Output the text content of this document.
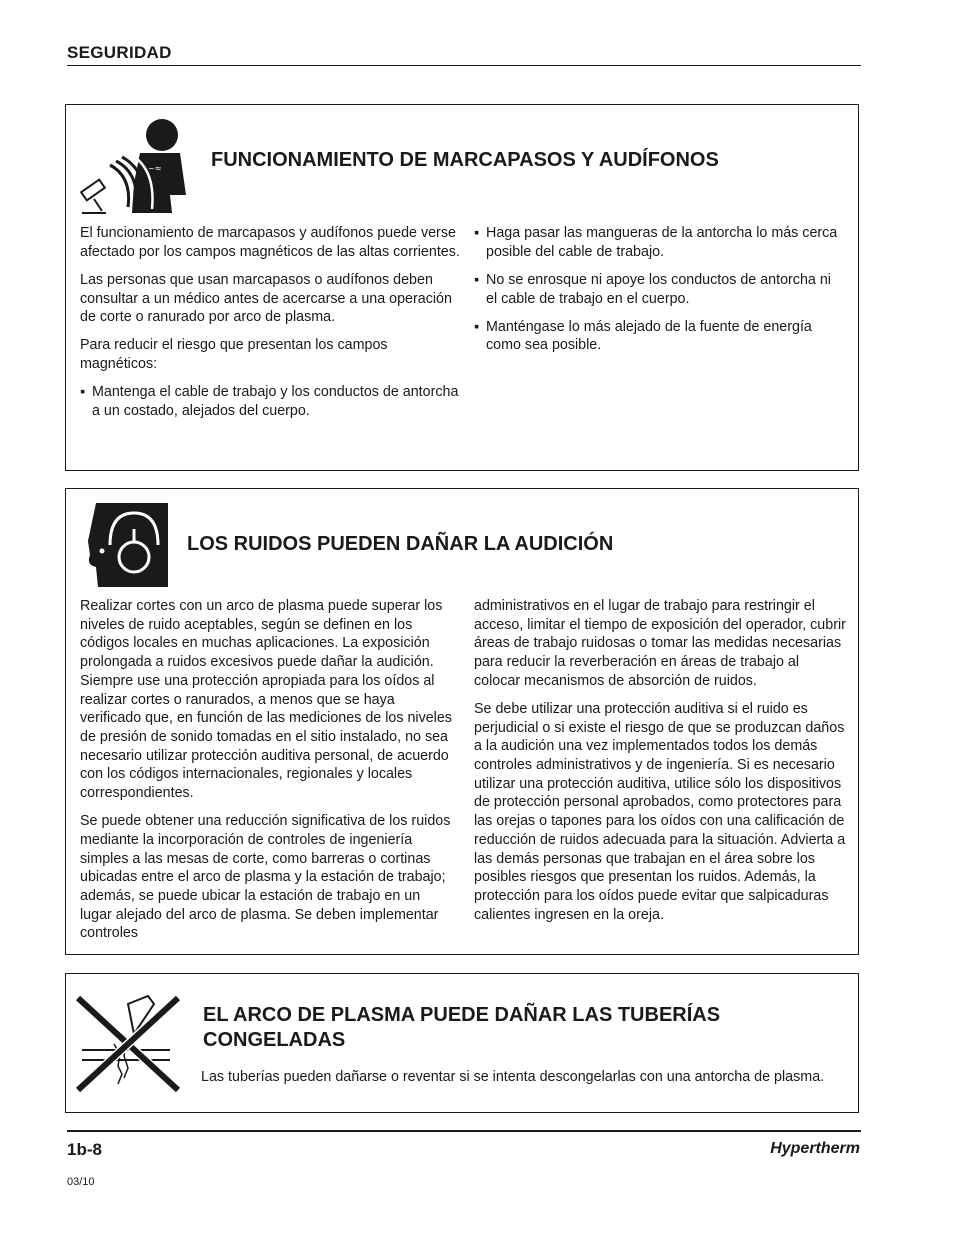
SEGURIDAD
~≈ FUNCIONAMIENTO DE MARCAPASOS Y AUDÍFONOS

El funcionamiento de marcapasos y audífonos puede verse afectado por los campos magnéticos de las altas corrientes.

Las personas que usan marcapasos o audífonos deben consultar a un médico antes de acercarse a una operación de corte o ranurado por arco de plasma.

Para reducir el riesgo que presentan los campos magnéticos:

▪ Mantenga el cable de trabajo y los conductos de antorcha a un costado, alejados del cuerpo.
▪ Haga pasar las mangueras de la antorcha lo más cerca posible del cable de trabajo.
▪ No se enrosque ni apoye los conductos de antorcha ni el cable de trabajo en el cuerpo.
▪ Manténgase lo más alejado de la fuente de energía como sea posible.
LOS RUIDOS PUEDEN DAÑAR LA AUDICIÓN

Realizar cortes con un arco de plasma puede superar los niveles de ruido aceptables, según se definen en los códigos locales en muchas aplicaciones. La exposición prolongada a ruidos excesivos puede dañar la audición. Siempre use una protección apropiada para los oídos al realizar cortes o ranurados, a menos que se haya verificado que, en función de las mediciones de los niveles de presión de sonido tomadas en el sitio instalado, no sea necesario utilizar protección auditiva personal, de acuerdo con los códigos internacionales, regionales y locales correspondientes.

Se puede obtener una reducción significativa de los ruidos mediante la incorporación de controles de ingeniería simples a las mesas de corte, como barreras o cortinas ubicadas entre el arco de plasma y la estación de trabajo; además, se puede ubicar la estación de trabajo en un lugar alejado del arco de plasma. Se deben implementar controles

administrativos en el lugar de trabajo para restringir el acceso, limitar el tiempo de exposición del operador, cubrir áreas de trabajo ruidosas o tomar las medidas necesarias para reducir la reverberación en áreas de trabajo al colocar mecanismos de absorción de ruidos.

Se debe utilizar una protección auditiva si el ruido es perjudicial o si existe el riesgo de que se produzcan daños a la audición una vez implementados todos los demás controles administrativos y de ingeniería. Si es necesario utilizar una protección auditiva, utilice sólo los dispositivos de protección personal aprobados, como protectores para las orejas o tapones para los oídos con una calificación de reducción de ruidos adecuada para la situación. Advierta a las demás personas que trabajan en el área sobre los posibles riesgos que presentan los ruidos. Además, la protección para los oídos puede evitar que salpicaduras calientes ingresen en la oreja.

EL ARCO DE PLASMA PUEDE DAÑAR LAS TUBERÍAS
CONGELADAS
Las tuberías pueden dañarse o reventar si se intenta descongelarlas con una antorcha de plasma.
1b-8	Hypertherm
03/10
